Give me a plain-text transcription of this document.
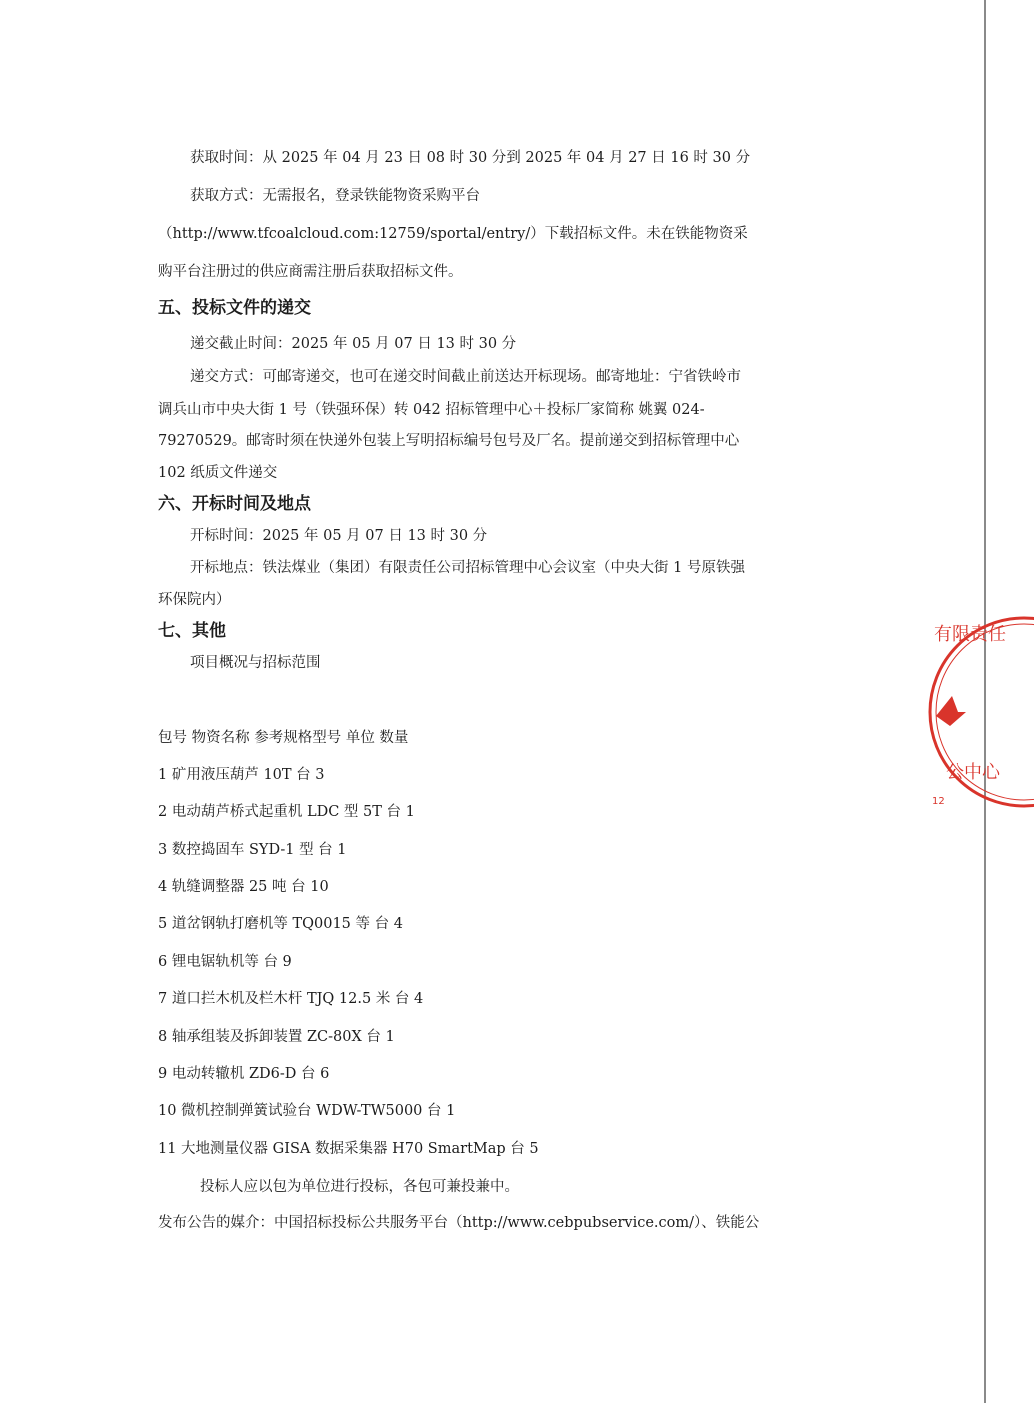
获取时间：从 2025 年 04 月 23 日 08 时 30 分到 2025 年 04 月 27 日 16 时 30 分
获取方式：无需报名，登录铁能物资采购平台
（http://www.tfcoalcloud.com:12759/sportal/entry/）下载招标文件。未在铁能物资采
购平台注册过的供应商需注册后获取招标文件。
五、投标文件的递交
递交截止时间：2025 年 05 月 07 日 13 时 30 分
递交方式：可邮寄递交，也可在递交时间截止前送达开标现场。邮寄地址：宁省铁岭市
调兵山市中央大街 1 号（铁强环保）转 042 招标管理中心＋投标厂家简称 姚翼 024-
79270529。邮寄时须在快递外包装上写明招标编号包号及厂名。提前递交到招标管理中心
102 纸质文件递交
六、开标时间及地点
开标时间：2025 年 05 月 07 日 13 时 30 分
开标地点：铁法煤业（集团）有限责任公司招标管理中心会议室（中央大街 1 号原铁强
环保院内）
七、其他
项目概况与招标范围
包号 物资名称 参考规格型号 单位 数量
1 矿用液压葫芦 10T 台 3
2 电动葫芦桥式起重机 LDC 型 5T 台 1
3 数控捣固车 SYD-1 型 台 1
4 轨缝调整器 25 吨 台 10
5 道岔钢轨打磨机等 TQ0015 等 台 4
6 锂电锯轨机等 台 9
7 道口拦木机及栏木杆 TJQ 12.5 米 台 4
8 轴承组装及拆卸装置 ZC-80X 台 1
9 电动转辙机 ZD6-D 台 6
10 微机控制弹簧试验台 WDW-TW5000 台 1
11 大地测量仪器 GISA 数据采集器 H70 SmartMap 台 5
投标人应以包为单位进行投标，各包可兼投兼中。
发布公告的媒介：中国招标投标公共服务平台（http://www.cebpubservice.com/）、铁能公
有限责任
公中心
12
